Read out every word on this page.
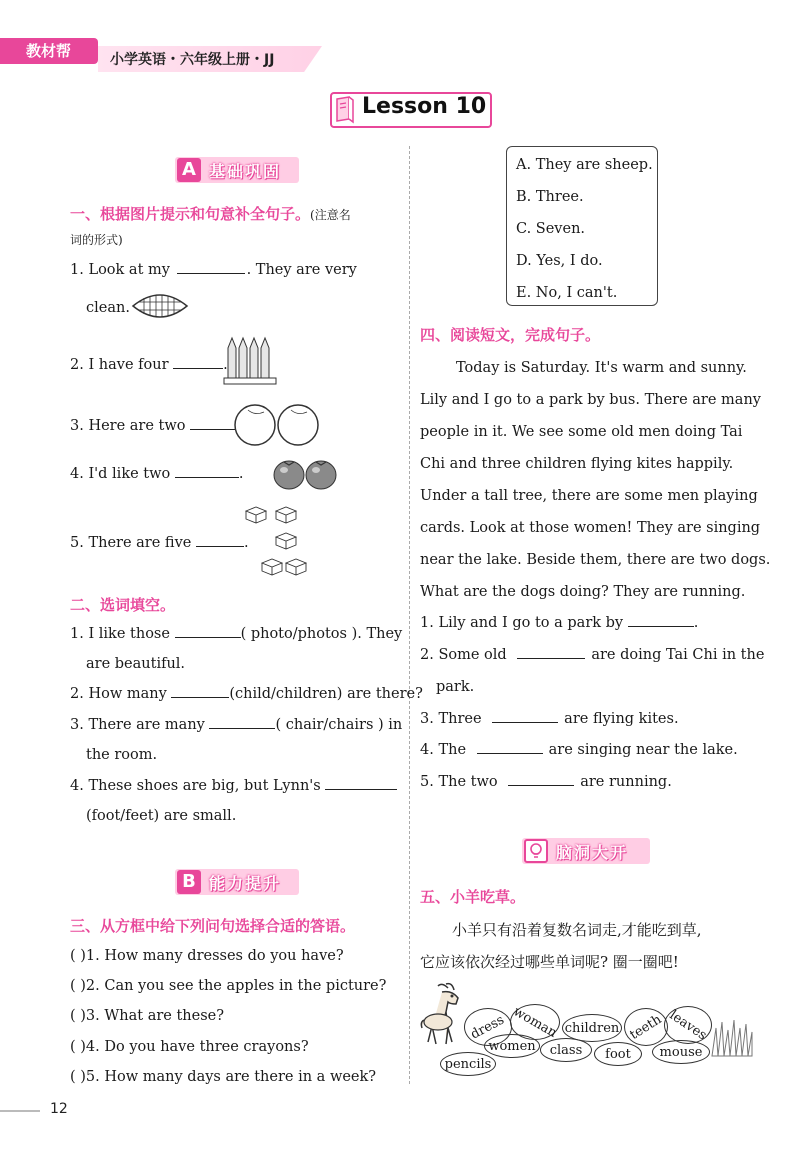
教材帮	小学英语・六年级上册・JJ
Lesson 10
A 基础巩固
一、根据图片提示和句意补全句子。(注意名
词的形式)
1. Look at my	. They are very
clean.
2. I have four	.
3. Here are two
4. I'd like two	.
5. There are five	.
二、选词填空。
1. I like those	( photo/photos ). They
are beautiful.
2. How many	(child/children) are there?
3. There are many	( chair/chairs ) in
the room.
4. These shoes are big, but Lynn's
(foot/feet) are small.
B 能力提升
三、从方框中给下列问句选择合适的答语。
( )1. How many dresses do you have?
( )2. Can you see the apples in the picture?
( )3. What are these?
( )4. Do you have three crayons?
( )5. How many days are there in a week?
A. They are sheep.
B. Three.
C. Seven.
D. Yes, I do.
E. No, I can't.
四、阅读短文，完成句子。
Today is Saturday. It's warm and sunny.
Lily and I go to a park by bus. There are many
people in it. We see some old men doing Tai
Chi and three children flying kites happily.
Under a tall tree, there are some men playing
cards. Look at those women! They are singing
near the lake. Beside them, there are two dogs.
What are the dogs doing? They are running.
1. Lily and I go to a park by	.
2. Some old	are doing Tai Chi in the
park.
3. Three	are flying kites.
4. The	are singing near the lake.
5. The two	are running.
脑洞大开
五、小羊吃草。
小羊只有沿着复数名词走,才能吃到草,
它应该依次经过哪些单词呢? 圈一圈吧!
dress woman children teeth leaves
women	class	foot	mouse
pencils
12
